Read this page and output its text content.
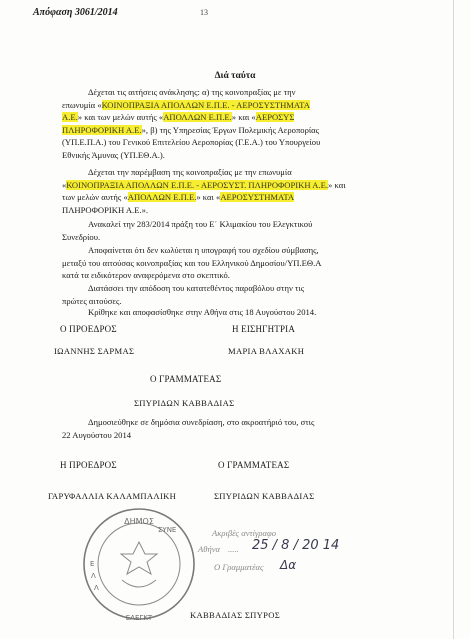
Απόφαση 3061/2014	13
Διά ταύτα
Δέχεται τις αιτήσεις ανάκλησης: α) της κοινοπραξίας με την
επωνυμία «ΚΟΙΝΟΠΡΑΞΙΑ ΑΠΟΛΛΩΝ Ε.Π.Ε. - ΑΕΡΟΣΥΣΤΗΜΑΤΑ
Α.Ε.» και των μελών αυτής «ΑΠΟΛΛΩΝ Ε.Π.Ε.» και «ΑΕΡΟΣΥΣ
ΠΛΗΡΟΦΟΡΙΚΗ Α.Ε.», β) της Υπηρεσίας Έργων Πολεμικής Αεροπορίας
(ΥΠ.Ε.Π.Α.) του Γενικού Επιτελείου Αεροπορίας (Γ.Ε.Α.) του Υπουργείου
Εθνικής Άμυνας (ΥΠ.ΕΘ.Α.).
Δέχεται την παρέμβαση της κοινοπραξίας με την επωνυμία
«ΚΟΙΝΟΠΡΑΞΙΑ ΑΠΟΛΛΩΝ Ε.Π.Ε. - ΑΕΡΟΣΥΣΤ. ΠΛΗΡΟΦΟΡΙΚΗ Α.Ε.» και
των μελών αυτής «ΑΠΟΛΛΩΝ Ε.Π.Ε.» και «ΑΕΡΟΣΥΣΤΗΜΑΤΑ
ΠΛΗΡΟΦΟΡΙΚΗ Α.Ε.».
Ανακαλεί την 283/2014 πράξη του Ε΄ Κλιμακίου του Ελεγκτικού
Συνεδρίου.
Αποφαίνεται ότι δεν κωλύεται η υπογραφή του σχεδίου σύμβασης,
μεταξύ του αιτούσας κοινοπραξίας και του Ελληνικού Δημοσίου/ΥΠ.ΕΘ.Α
κατά τα ειδικότερον αναφερόμενα στο σκεπτικό.
Διατάσσει την απόδοση του κατατεθέντος παραβόλου στην τις
πρώτες αιτούσες.
Κρίθηκε και αποφασίσθηκε στην Αθήνα στις 18 Αυγούστου 2014.
Ο ΠΡΟΕΔΡΟΣ	Η ΕΙΣΗΓΗΤΡΙΑ
ΙΩΑΝΝΗΣ ΣΑΡΜΑΣ	ΜΑΡΙΑ ΒΛΑΧΑΚΗ
Ο ΓΡΑΜΜΑΤΕΑΣ
ΣΠΥΡΙΔΩΝ ΚΑΒΒΑΔΙΑΣ
Δημοσιεύθηκε σε δημόσια συνεδρίαση, στο ακροατήριό του, στις
22 Αυγούστου 2014
Η ΠΡΟΕΔΡΟΣ	Ο ΓΡΑΜΜΑΤΕΑΣ
ΓΑΡΥΦΑΛΛΙΑ ΚΑΛΑΜΠΑΛΙΚΗ	ΣΠΥΡΙΔΩΝ ΚΑΒΒΑΔΙΑΣ
ΔΗΜΟΣ
ΣΥΝΕ
Ε
Λ
Λ
ΕΛΕΓΚΤ
Ακριβές αντίγραφο
Αθήνα ..... 25 / 8 / 20 14
Ο Γραμματέας Δα
ΚΑΒΒΑΔΙΑΣ ΣΠΥΡΟΣ
